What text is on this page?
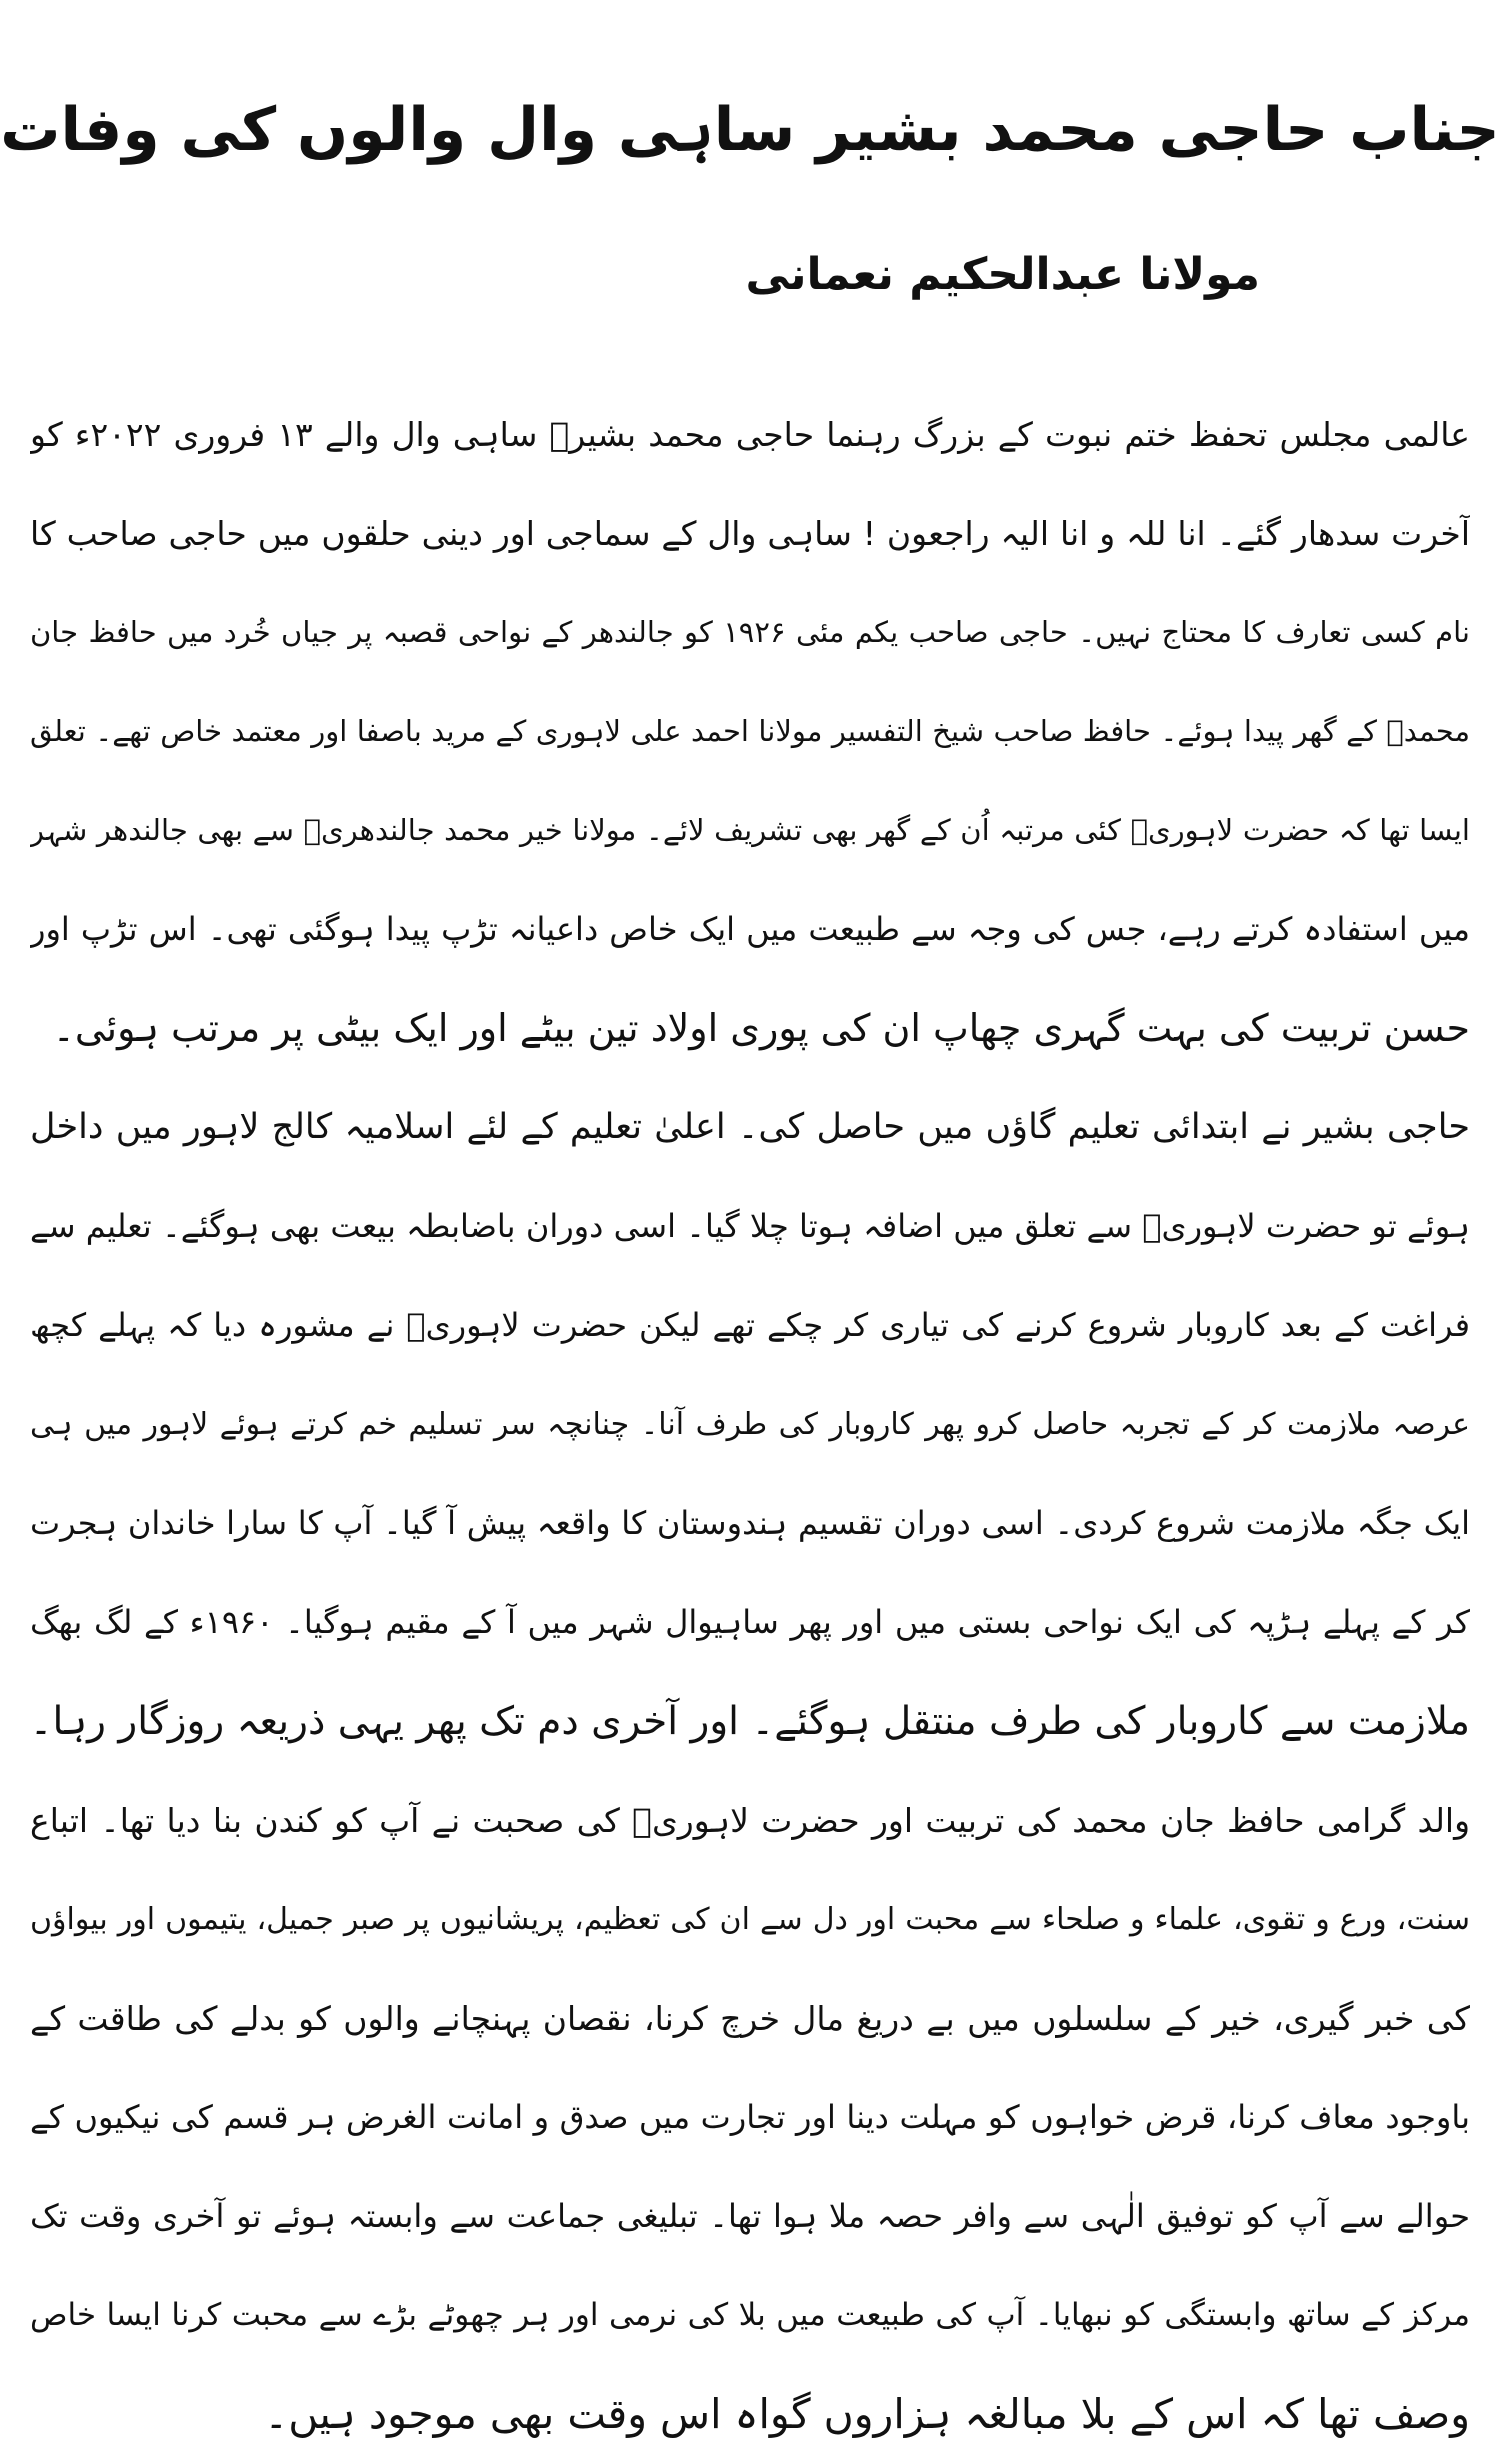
جناب حاجی محمد بشیر ساہی وال والوں کی وفات

مولانا عبدالحکیم نعمانی

عالمی مجلس تحفظ ختم نبوت کے بزرگ رہنما حاجی محمد بشیرؒ ساہی وال والے ۱۳ فروری ۲۰۲۲ء کو
آخرت سدھار گئے۔ انا للہ و انا الیہ راجعون ! ساہی وال کے سماجی اور دینی حلقوں میں حاجی صاحب کا
نام کسی تعارف کا محتاج نہیں۔ حاجی صاحب یکم مئی ۱۹۲۶ کو جالندھر کے نواحی قصبہ پر جیاں خُرد میں حافظ جان
محمدؒ کے گھر پیدا ہوئے۔ حافظ صاحب شیخ التفسیر مولانا احمد علی لاہوری کے مرید باصفا اور معتمد خاص تھے۔ تعلق
ایسا تھا کہ حضرت لاہوریؒ کئی مرتبہ اُن کے گھر بھی تشریف لائے۔ مولانا خیر محمد جالندھریؒ سے بھی جالندھر شہر
میں استفادہ کرتے رہے، جس کی وجہ سے طبیعت میں ایک خاص داعیانہ تڑپ پیدا ہوگئی تھی۔ اس تڑپ اور
حسن تربیت کی بہت گہری چھاپ ان کی پوری اولاد تین بیٹے اور ایک بیٹی پر مرتب ہوئی۔
حاجی بشیر نے ابتدائی تعلیم گاؤں میں حاصل کی۔ اعلیٰ تعلیم کے لئے اسلامیہ کالج لاہور میں داخل
ہوئے تو حضرت لاہوریؒ سے تعلق میں اضافہ ہوتا چلا گیا۔ اسی دوران باضابطہ بیعت بھی ہوگئے۔ تعلیم سے
فراغت کے بعد کاروبار شروع کرنے کی تیاری کر چکے تھے لیکن حضرت لاہوریؒ نے مشورہ دیا کہ پہلے کچھ
عرصہ ملازمت کر کے تجربہ حاصل کرو پھر کاروبار کی طرف آنا۔ چنانچہ سر تسلیم خم کرتے ہوئے لاہور میں ہی
ایک جگہ ملازمت شروع کردی۔ اسی دوران تقسیم ہندوستان کا واقعہ پیش آ گیا۔ آپ کا سارا خاندان ہجرت
کر کے پہلے ہڑپہ کی ایک نواحی بستی میں اور پھر ساہیوال شہر میں آ کے مقیم ہوگیا۔ ۱۹۶۰ء کے لگ بھگ
ملازمت سے کاروبار کی طرف منتقل ہوگئے۔ اور آخری دم تک پھر یہی ذریعہ روزگار رہا۔
والد گرامی حافظ جان محمد کی تربیت اور حضرت لاہوریؒ کی صحبت نے آپ کو کندن بنا دیا تھا۔ اتباع
سنت، ورع و تقوی، علماء و صلحاء سے محبت اور دل سے ان کی تعظیم، پریشانیوں پر صبر جمیل، یتیموں اور بیواؤں
کی خبر گیری، خیر کے سلسلوں میں بے دریغ مال خرچ کرنا، نقصان پہنچانے والوں کو بدلے کی طاقت کے
باوجود معاف کرنا، قرض خواہوں کو مہلت دینا اور تجارت میں صدق و امانت الغرض ہر قسم کی نیکیوں کے
حوالے سے آپ کو توفیق الٰہی سے وافر حصہ ملا ہوا تھا۔ تبلیغی جماعت سے وابستہ ہوئے تو آخری وقت تک
مرکز کے ساتھ وابستگی کو نبھایا۔ آپ کی طبیعت میں بلا کی نرمی اور ہر چھوٹے بڑے سے محبت کرنا ایسا خاص
وصف تھا کہ اس کے بلا مبالغہ ہزاروں گواہ اس وقت بھی موجود ہیں۔
